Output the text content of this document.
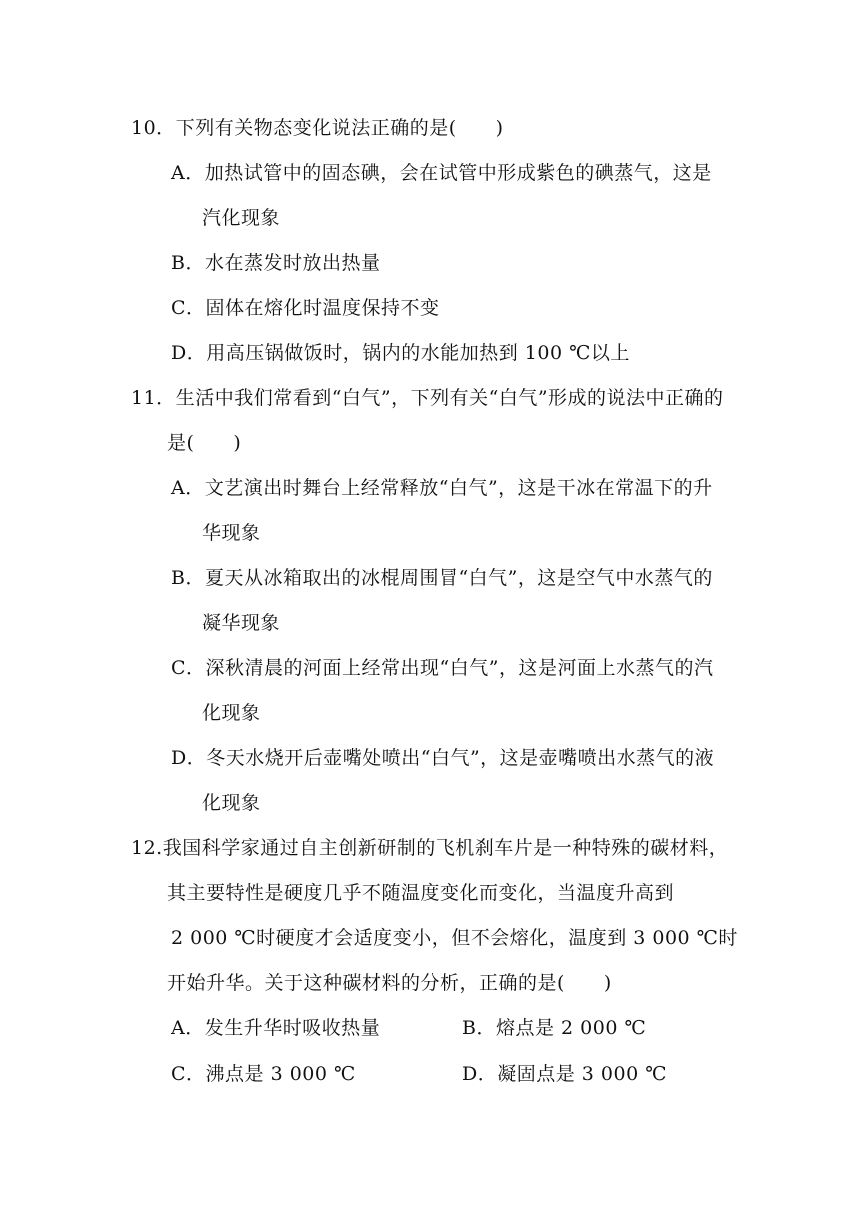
10．下列有关物态变化说法正确的是(　　)
A．加热试管中的固态碘，会在试管中形成紫色的碘蒸气，这是
汽化现象
B．水在蒸发时放出热量
C．固体在熔化时温度保持不变
D．用高压锅做饭时，锅内的水能加热到 100 ℃以上
11．生活中我们常看到“白气”，下列有关“白气”形成的说法中正确的
是(　　)
A．文艺演出时舞台上经常释放“白气”，这是干冰在常温下的升
华现象
B．夏天从冰箱取出的冰棍周围冒“白气”，这是空气中水蒸气的
凝华现象
C．深秋清晨的河面上经常出现“白气”，这是河面上水蒸气的汽
化现象
D．冬天水烧开后壶嘴处喷出“白气”，这是壶嘴喷出水蒸气的液
化现象
12.我国科学家通过自主创新研制的飞机刹车片是一种特殊的碳材料，
其主要特性是硬度几乎不随温度变化而变化，当温度升高到
2 000 ℃时硬度才会适度变小，但不会熔化，温度到 3 000 ℃时
开始升华。关于这种碳材料的分析，正确的是(　　)
A．发生升华时吸收热量	B．熔点是 2 000 ℃
C．沸点是 3 000 ℃	D．凝固点是 3 000 ℃
